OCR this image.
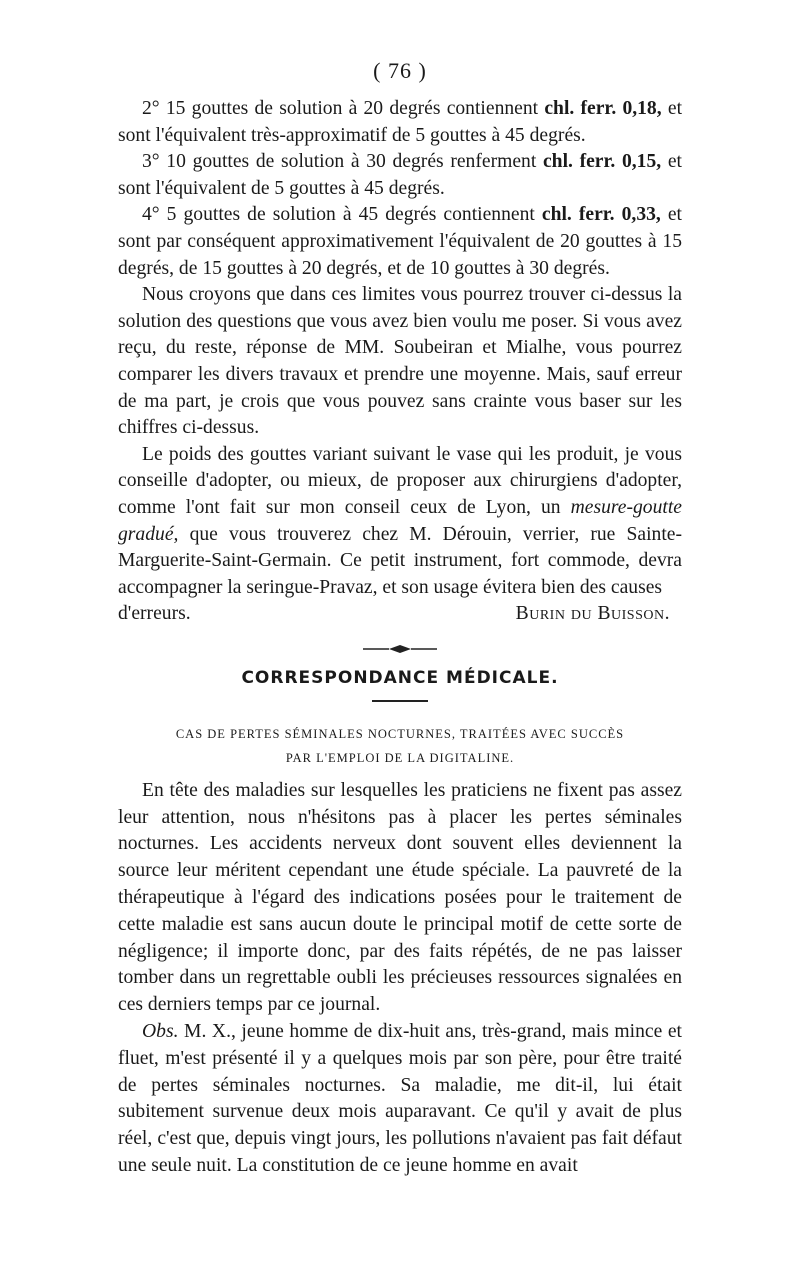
( 76 )

2° 15 gouttes de solution à 20 degrés contiennent chl. ferr. 0,18, et sont l'équivalent très-approximatif de 5 gouttes à 45 degrés.

3° 10 gouttes de solution à 30 degrés renferment chl. ferr. 0,15, et sont l'équivalent de 5 gouttes à 45 degrés.

4° 5 gouttes de solution à 45 degrés contiennent chl. ferr. 0,33, et sont par conséquent approximativement l'équivalent de 20 gouttes à 15 degrés, de 15 gouttes à 20 degrés, et de 10 gouttes à 30 degrés.

Nous croyons que dans ces limites vous pourrez trouver ci-dessus la solution des questions que vous avez bien voulu me poser. Si vous avez reçu, du reste, réponse de MM. Soubeiran et Mialhe, vous pourrez comparer les divers travaux et prendre une moyenne. Mais, sauf erreur de ma part, je crois que vous pouvez sans crainte vous baser sur les chiffres ci-dessus.

Le poids des gouttes variant suivant le vase qui les produit, je vous conseille d'adopter, ou mieux, de proposer aux chirurgiens d'adopter, comme l'ont fait sur mon conseil ceux de Lyon, un mesure-goutte gradué, que vous trouverez chez M. Dérouin, verrier, rue Sainte-Marguerite-Saint-Germain. Ce petit instrument, fort commode, devra accompagner la seringue-Pravaz, et son usage évitera bien des causes

d'erreurs.	Burin du Buisson.
CORRESPONDANCE MÉDICALE.
CAS DE PERTES SÉMINALES NOCTURNES, TRAITÉES AVEC SUCCÈS
PAR L'EMPLOI DE LA DIGITALINE.

En tête des maladies sur lesquelles les praticiens ne fixent pas assez leur attention, nous n'hésitons pas à placer les pertes séminales nocturnes. Les accidents nerveux dont souvent elles deviennent la source leur méritent cependant une étude spéciale. La pauvreté de la thérapeutique à l'égard des indications posées pour le traitement de cette maladie est sans aucun doute le principal motif de cette sorte de négligence; il importe donc, par des faits répétés, de ne pas laisser tomber dans un regrettable oubli les précieuses ressources signalées en ces derniers temps par ce journal.

Obs. M. X., jeune homme de dix-huit ans, très-grand, mais mince et fluet, m'est présenté il y a quelques mois par son père, pour être traité de pertes séminales nocturnes. Sa maladie, me dit-il, lui était subitement survenue deux mois auparavant. Ce qu'il y avait de plus réel, c'est que, depuis vingt jours, les pollutions n'avaient pas fait défaut une seule nuit. La constitution de ce jeune homme en avait
